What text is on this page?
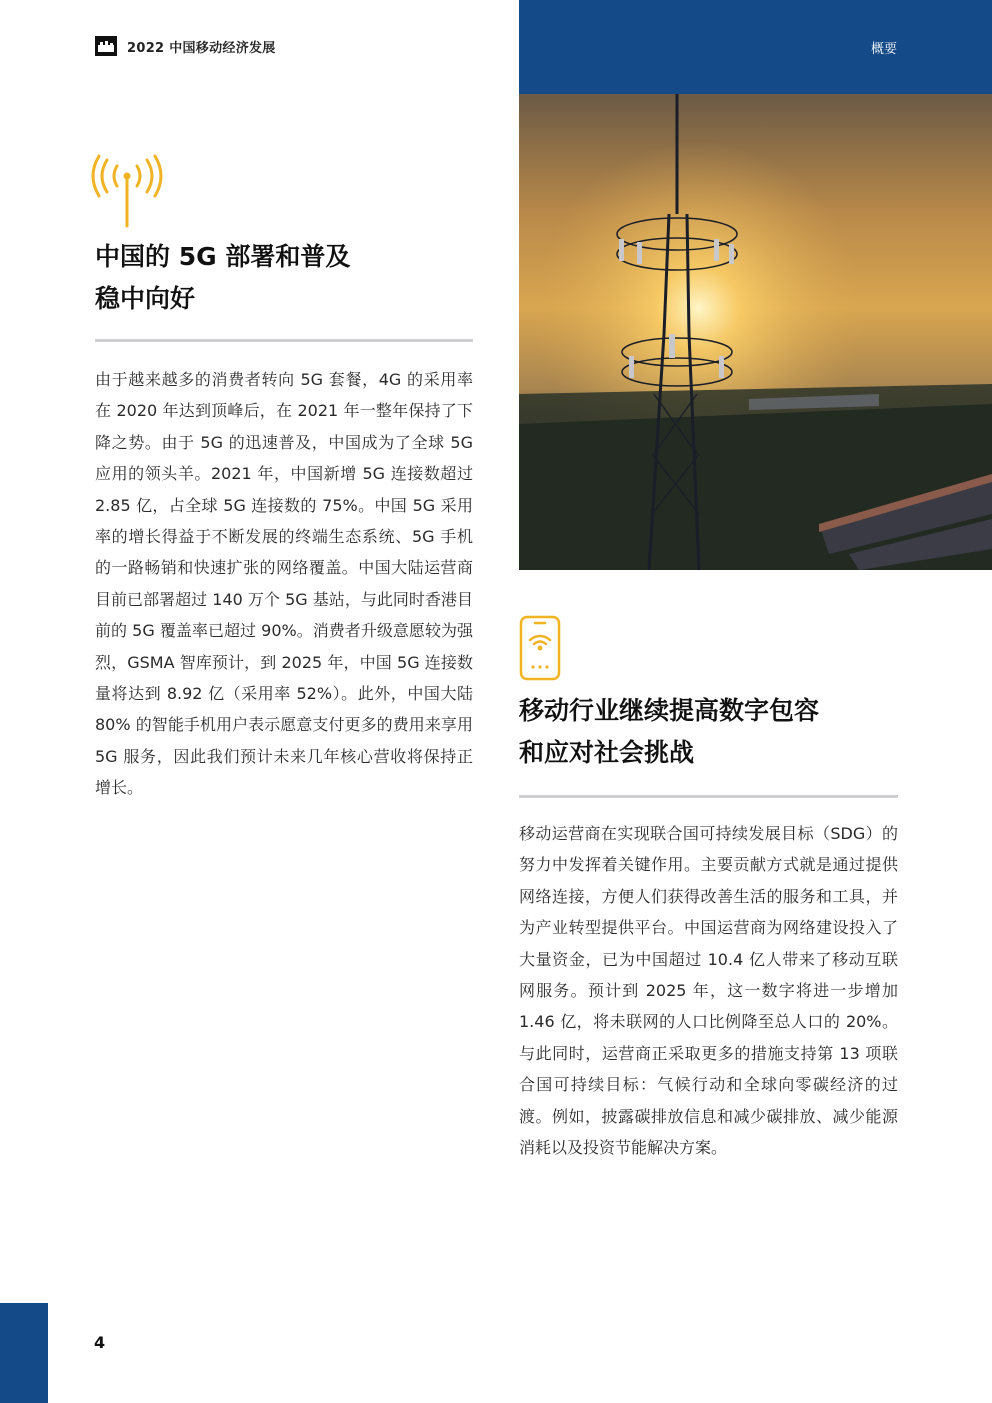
2022 中国移动经济发展	概要
中国的 5G 部署和普及
稳中向好

由于越来越多的消费者转向 5G 套餐，4G 的采用率在 2020 年达到顶峰后，在 2021 年一整年保持了下降之势。由于 5G 的迅速普及，中国成为了全球 5G 应用的领头羊。2021 年，中国新增 5G 连接数超过 2.85 亿，占全球 5G 连接数的 75%。中国 5G 采用率的增长得益于不断发展的终端生态系统、5G 手机的一路畅销和快速扩张的网络覆盖。中国大陆运营商目前已部署超过 140 万个 5G 基站，与此同时香港目前的 5G 覆盖率已超过 90%。消费者升级意愿较为强烈，GSMA 智库预计，到 2025 年，中国 5G 连接数量将达到 8.92 亿（采用率 52%）。此外，中国大陆 80% 的智能手机用户表示愿意支付更多的费用来享用 5G 服务，因此我们预计未来几年核心营收将保持正增长。

移动行业继续提高数字包容
和应对社会挑战

移动运营商在实现联合国可持续发展目标（SDG）的努力中发挥着关键作用。主要贡献方式就是通过提供网络连接，方便人们获得改善生活的服务和工具，并为产业转型提供平台。中国运营商为网络建设投入了大量资金，已为中国超过 10.4 亿人带来了移动互联网服务。预计到 2025 年，这一数字将进一步增加 1.46 亿，将未联网的人口比例降至总人口的 20%。与此同时，运营商正采取更多的措施支持第 13 项联合国可持续目标：气候行动和全球向零碳经济的过渡。例如，披露碳排放信息和减少碳排放、减少能源消耗以及投资节能解决方案。

4
